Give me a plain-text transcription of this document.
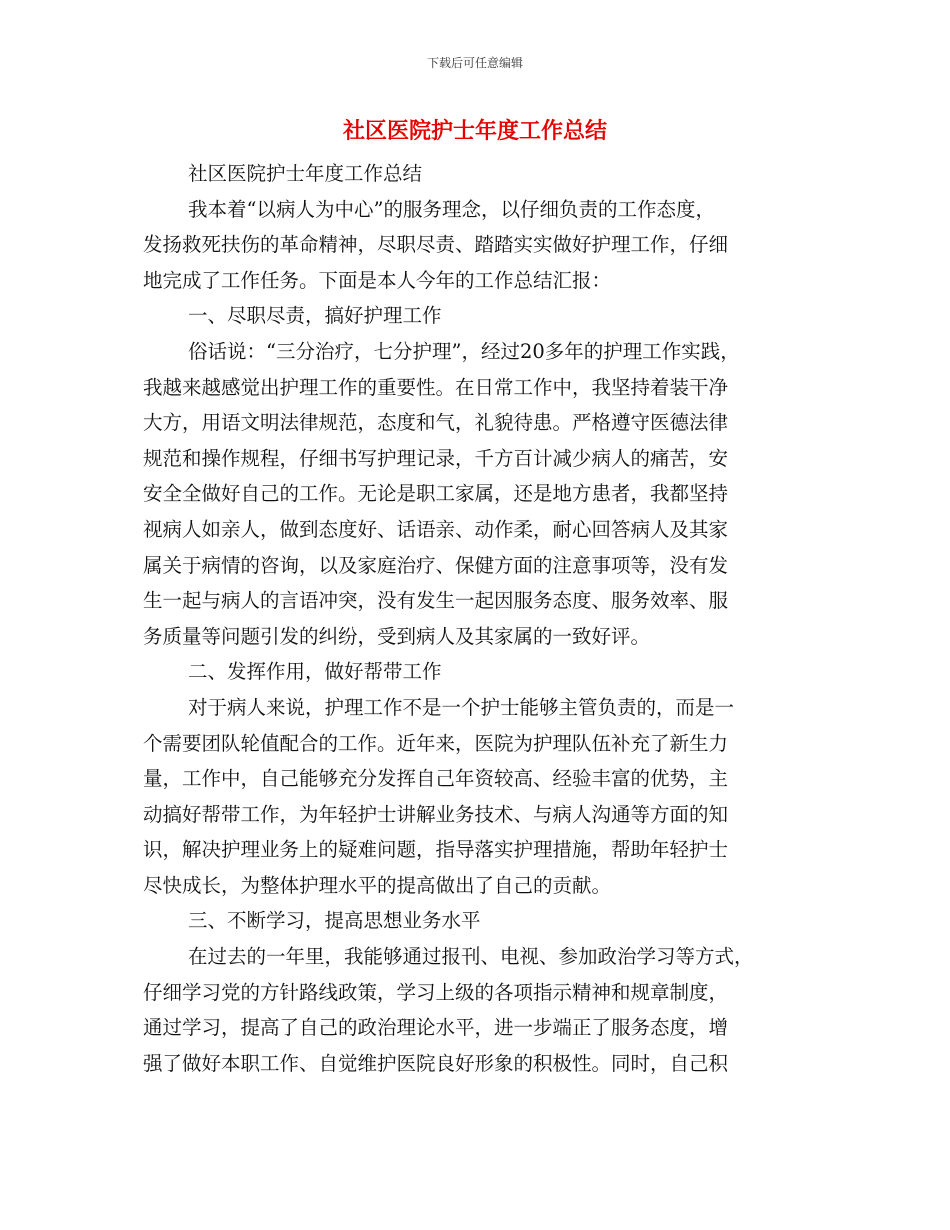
下载后可任意编辑
社区医院护士年度工作总结
社区医院护士年度工作总结
我本着“以病人为中心”的服务理念，以仔细负责的工作态度，
发扬救死扶伤的革命精神，尽职尽责、踏踏实实做好护理工作，仔细
地完成了工作任务。下面是本人今年的工作总结汇报：
一、尽职尽责，搞好护理工作
俗话说：“三分治疗，七分护理”，经过20多年的护理工作实践，
我越来越感觉出护理工作的重要性。在日常工作中，我坚持着装干净
大方，用语文明法律规范，态度和气，礼貌待患。严格遵守医德法律
规范和操作规程，仔细书写护理记录，千方百计减少病人的痛苦，安
安全全做好自己的工作。无论是职工家属，还是地方患者，我都坚持
视病人如亲人，做到态度好、话语亲、动作柔，耐心回答病人及其家
属关于病情的咨询，以及家庭治疗、保健方面的注意事项等，没有发
生一起与病人的言语冲突，没有发生一起因服务态度、服务效率、服
务质量等问题引发的纠纷，受到病人及其家属的一致好评。
二、发挥作用，做好帮带工作
对于病人来说，护理工作不是一个护士能够主管负责的，而是一
个需要团队轮值配合的工作。近年来，医院为护理队伍补充了新生力
量，工作中，自己能够充分发挥自己年资较高、经验丰富的优势，主
动搞好帮带工作，为年轻护士讲解业务技术、与病人沟通等方面的知
识，解决护理业务上的疑难问题，指导落实护理措施，帮助年轻护士
尽快成长，为整体护理水平的提高做出了自己的贡献。
三、不断学习，提高思想业务水平
在过去的一年里，我能够通过报刊、电视、参加政治学习等方式，
仔细学习党的方针路线政策，学习上级的各项指示精神和规章制度，
通过学习，提高了自己的政治理论水平，进一步端正了服务态度，增
强了做好本职工作、自觉维护医院良好形象的积极性。同时，自己积
